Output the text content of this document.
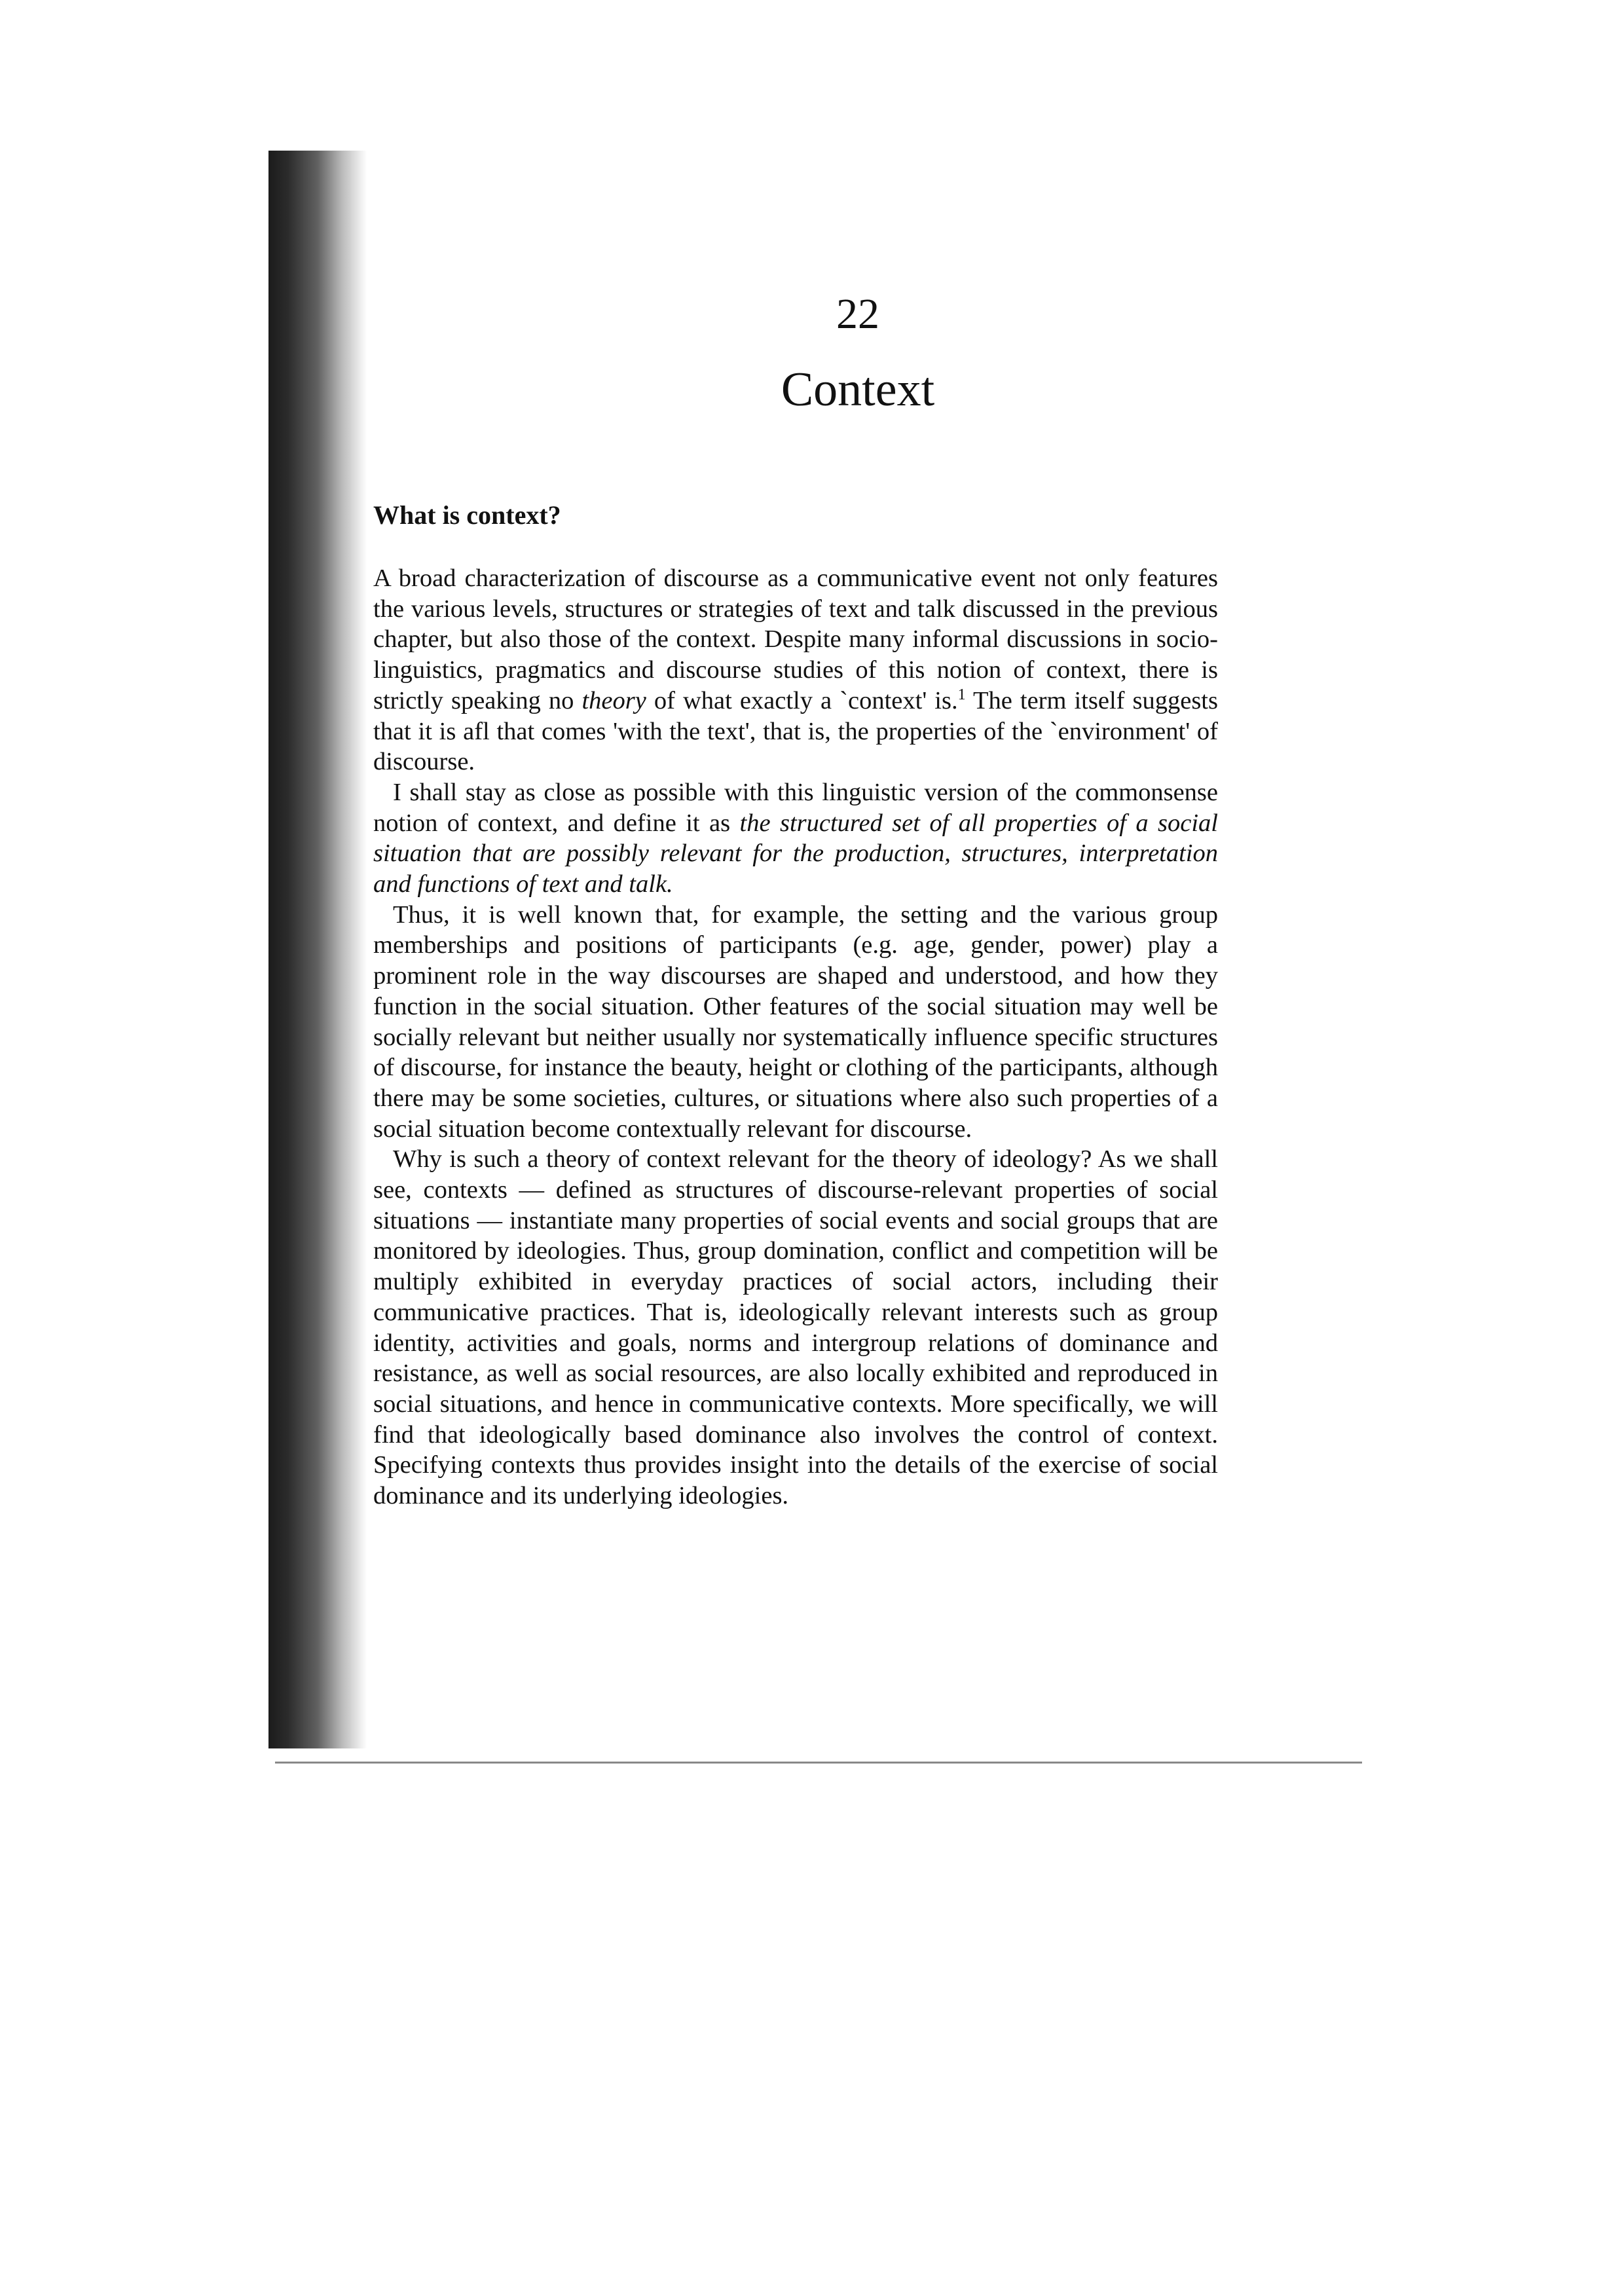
22
Context
What is context?

A broad characterization of discourse as a communicative event not only features the various levels, structures or strategies of text and talk discussed in the previous chapter, but also those of the context. Despite many informal discussions in socio-linguistics, pragmatics and discourse studies of this notion of context, there is strictly speaking no theory of what exactly a `context' is.$^1$ The term itself suggests that it is afl that comes 'with the text', that is, the properties of the `environment' of discourse.

I shall stay as close as possible with this linguistic version of the commonsense notion of context, and define it as the structured set of all properties of a social situation that are possibly relevant for the production, structures, interpretation and functions of text and talk.

Thus, it is well known that, for example, the setting and the various group memberships and positions of participants (e.g. age, gender, power) play a prominent role in the way discourses are shaped and understood, and how they function in the social situation. Other features of the social situation may well be socially relevant but neither usually nor systematically influence specific structures of discourse, for instance the beauty, height or clothing of the participants, although there may be some societies, cultures, or situations where also such properties of a social situation become contextually relevant for discourse.

Why is such a theory of context relevant for the theory of ideology? As we shall see, contexts — defined as structures of discourse-relevant properties of social situations — instantiate many properties of social events and social groups that are monitored by ideologies. Thus, group domination, conflict and competition will be multiply exhibited in everyday practices of social actors, including their communicative practices. That is, ideologically relevant interests such as group identity, activities and goals, norms and intergroup relations of dominance and resistance, as well as social resources, are also locally exhibited and reproduced in social situations, and hence in communicative contexts. More specifically, we will find that ideologically based dominance also involves the control of context. Specifying contexts thus provides insight into the details of the exercise of social dominance and its underlying ideologies.
